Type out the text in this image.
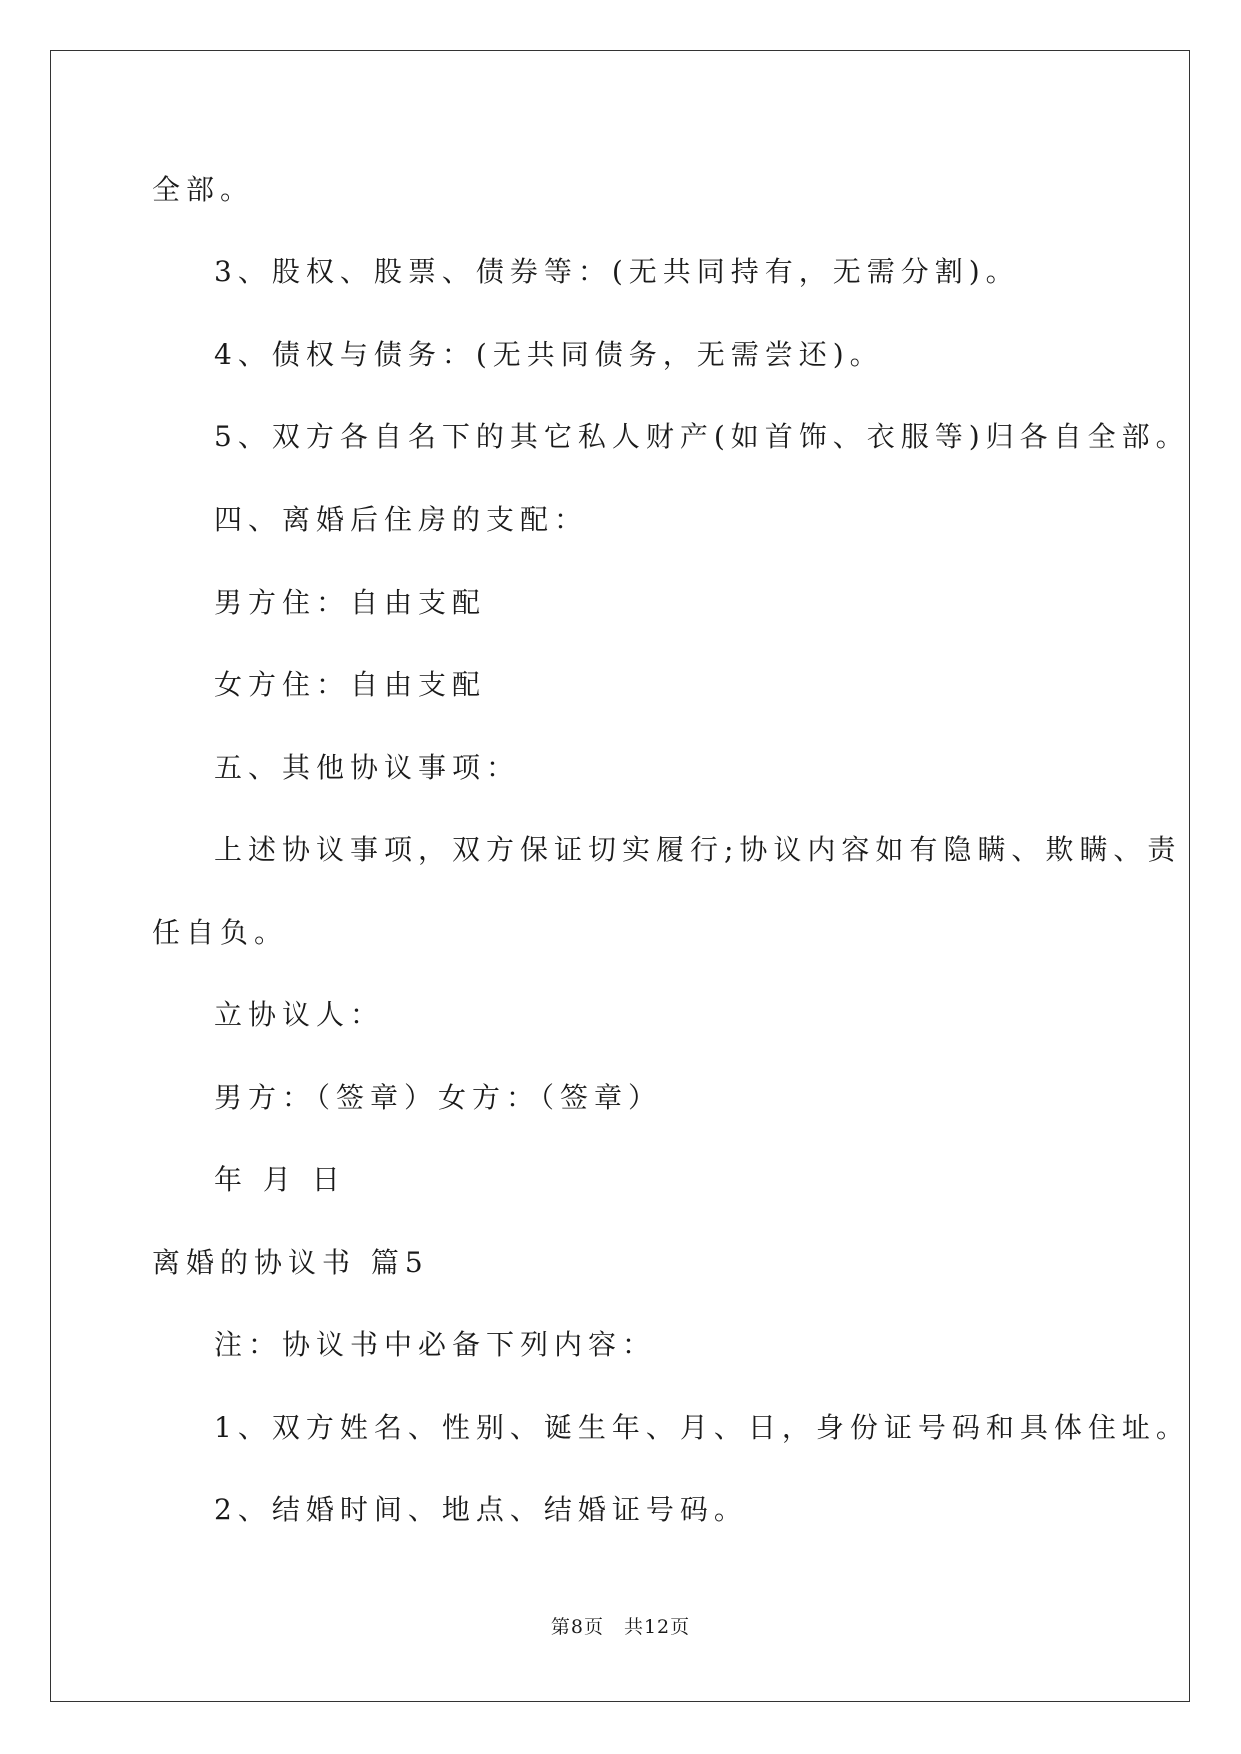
全部。
3、股权、股票、债券等：(无共同持有，无需分割)。
4、债权与债务：(无共同债务，无需尝还)。
5、双方各自名下的其它私人财产(如首饰、衣服等)归各自全部。
四、离婚后住房的支配：
男方住：自由支配
女方住：自由支配
五、其他协议事项：
上述协议事项，双方保证切实履行;协议内容如有隐瞒、欺瞒、责
任自负。
立协议人：
男方：（签章）女方：（签章）
年 月 日
离婚的协议书 篇5
注：协议书中必备下列内容：
1、双方姓名、性别、诞生年、月、日，身份证号码和具体住址。
2、结婚时间、地点、结婚证号码。
第8页　共12页
